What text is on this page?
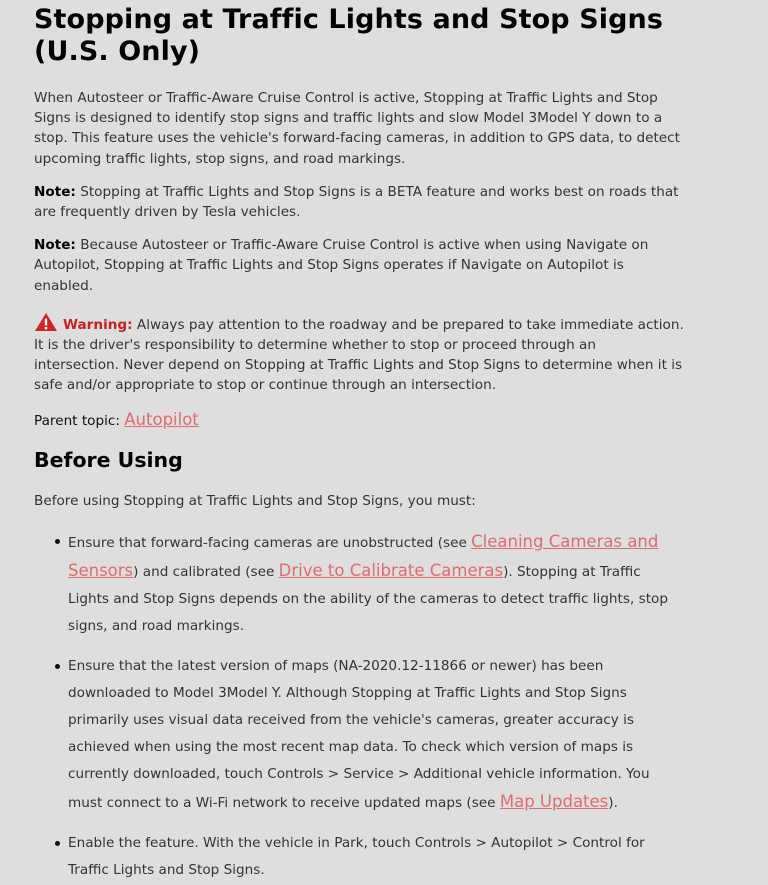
Stopping at Traffic Lights and Stop Signs (U.S. Only)

When Autosteer or Traffic-Aware Cruise Control is active, Stopping at Traffic Lights and Stop Signs is designed to identify stop signs and traffic lights and slow Model 3Model Y down to a stop. This feature uses the vehicle's forward-facing cameras, in addition to GPS data, to detect upcoming traffic lights, stop signs, and road markings.

Note: Stopping at Traffic Lights and Stop Signs is a BETA feature and works best on roads that are frequently driven by Tesla vehicles.

Note: Because Autosteer or Traffic-Aware Cruise Control is active when using Navigate on Autopilot, Stopping at Traffic Lights and Stop Signs operates if Navigate on Autopilot is enabled.

Warning: Always pay attention to the roadway and be prepared to take immediate action. It is the driver's responsibility to determine whether to stop or proceed through an intersection. Never depend on Stopping at Traffic Lights and Stop Signs to determine when it is safe and/or appropriate to stop or continue through an intersection.

Parent topic: Autopilot

Before Using

Before using Stopping at Traffic Lights and Stop Signs, you must:

Ensure that forward-facing cameras are unobstructed (see Cleaning Cameras and Sensors) and calibrated (see Drive to Calibrate Cameras). Stopping at Traffic Lights and Stop Signs depends on the ability of the cameras to detect traffic lights, stop signs, and road markings.
Ensure that the latest version of maps (NA-2020.12-11866 or newer) has been downloaded to Model 3Model Y. Although Stopping at Traffic Lights and Stop Signs primarily uses visual data received from the vehicle's cameras, greater accuracy is achieved when using the most recent map data. To check which version of maps is currently downloaded, touch Controls > Service > Additional vehicle information. You must connect to a Wi-Fi network to receive updated maps (see Map Updates).
Enable the feature. With the vehicle in Park, touch Controls > Autopilot > Control for Traffic Lights and Stop Signs.
